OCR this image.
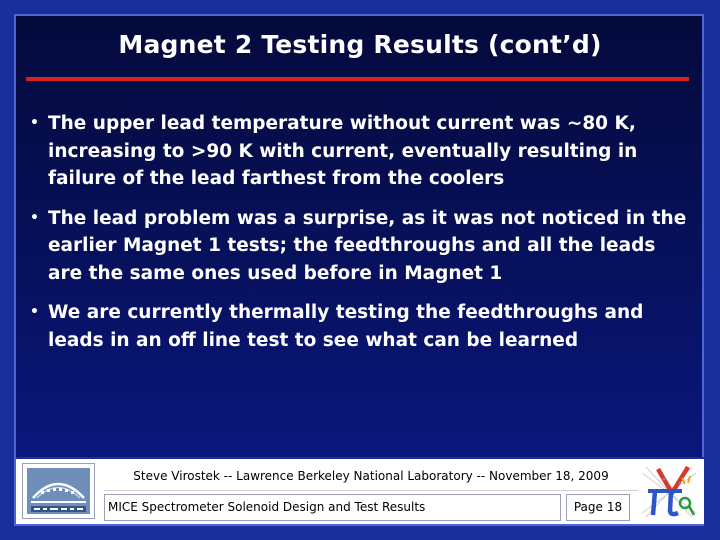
Magnet 2 Testing Results (cont’d)
• The upper lead temperature without current was ~80 K, increasing to >90 K with current, eventually resulting in failure of the lead farthest from the coolers
• The lead problem was a surprise, as it was not noticed in the earlier Magnet 1 tests; the feedthroughs and all the leads are the same ones used before in Magnet 1
• We are currently thermally testing the feedthroughs and leads in an off line test to see what can be learned
Steve Virostek -- Lawrence Berkeley National Laboratory -- November 18, 2009
MICE Spectrometer Solenoid Design and Test Results	Page 18
